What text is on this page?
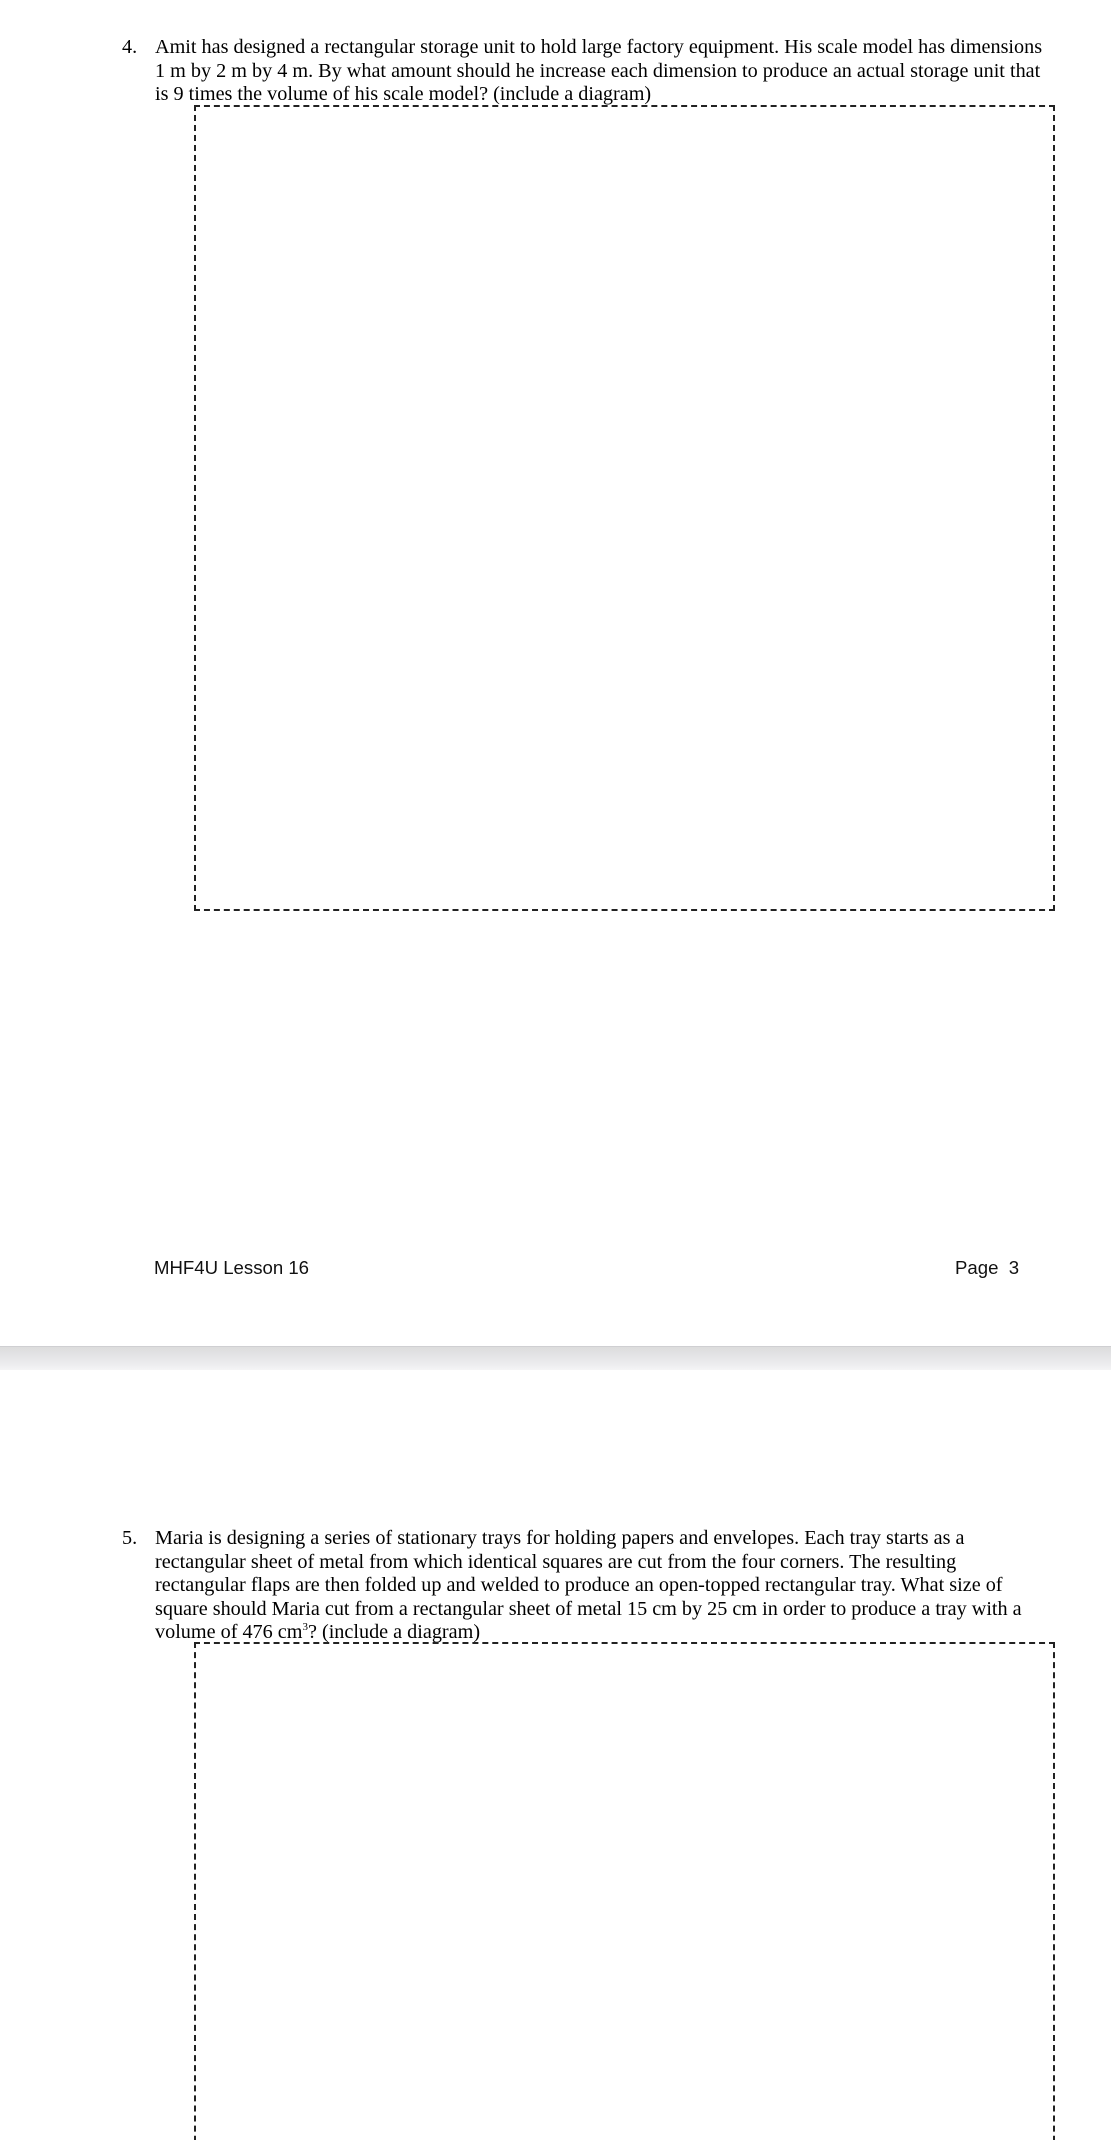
4. Amit has designed a rectangular storage unit to hold large factory equipment. His scale model has dimensions 1 m by 2 m by 4 m. By what amount should he increase each dimension to produce an actual storage unit that is 9 times the volume of his scale model? (include a diagram)

MHF4U Lesson 16	Page  3
5. Maria is designing a series of stationary trays for holding papers and envelopes. Each tray starts as a rectangular sheet of metal from which identical squares are cut from the four corners. The resulting rectangular flaps are then folded up and welded to produce an open-topped rectangular tray. What size of square should Maria cut from a rectangular sheet of metal 15 cm by 25 cm in order to produce a tray with a volume of 476 $cm^3$? (include a diagram)
